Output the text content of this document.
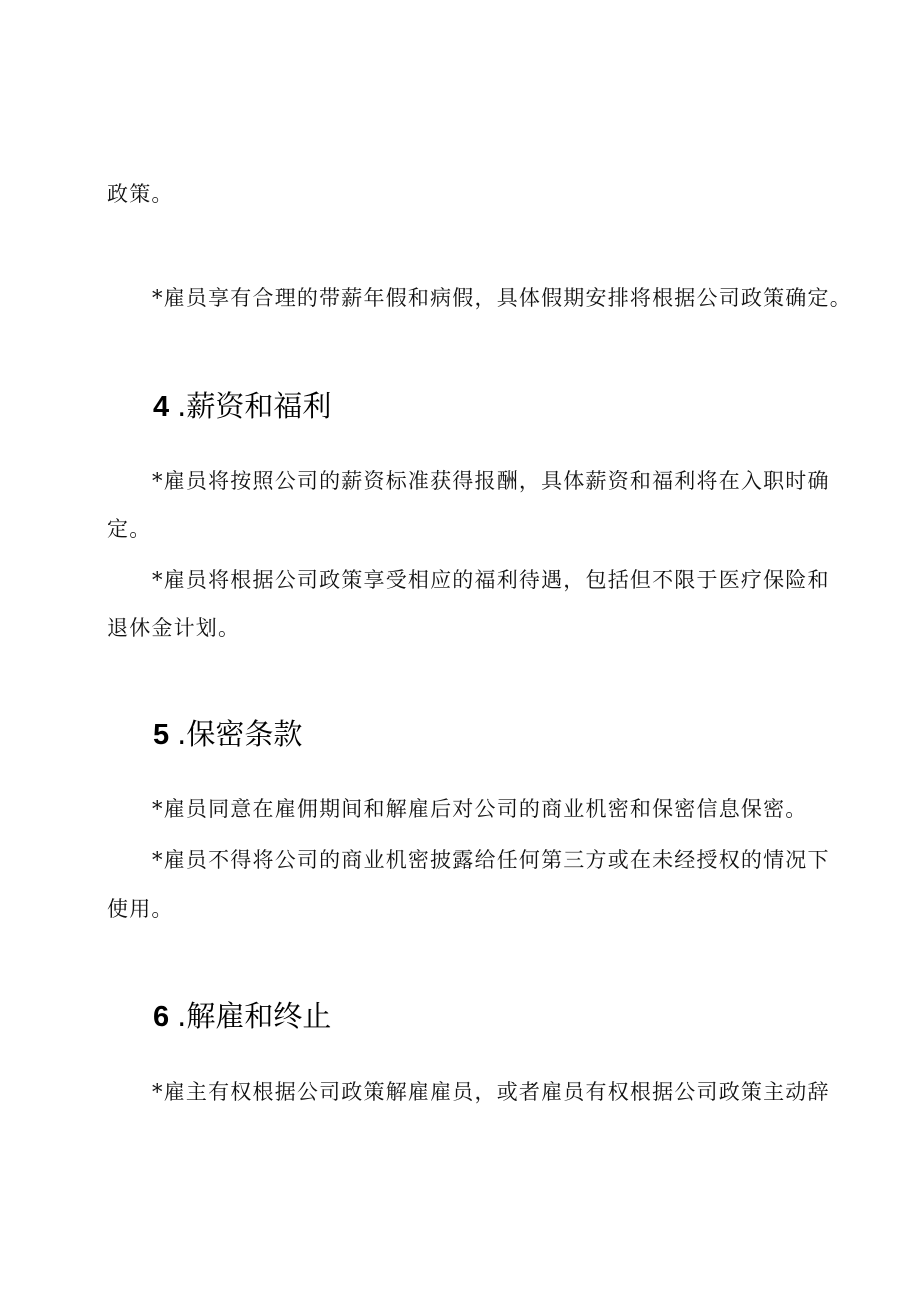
政策。
*雇员享有合理的带薪年假和病假，具体假期安排将根据公司政策确定。
4 .薪资和福利
*雇员将按照公司的薪资标准获得报酬，具体薪资和福利将在入职时确
定。
*雇员将根据公司政策享受相应的福利待遇，包括但不限于医疗保险和
退休金计划。
5 .保密条款
*雇员同意在雇佣期间和解雇后对公司的商业机密和保密信息保密。
*雇员不得将公司的商业机密披露给任何第三方或在未经授权的情况下
使用。
6 .解雇和终止
*雇主有权根据公司政策解雇雇员，或者雇员有权根据公司政策主动辞
